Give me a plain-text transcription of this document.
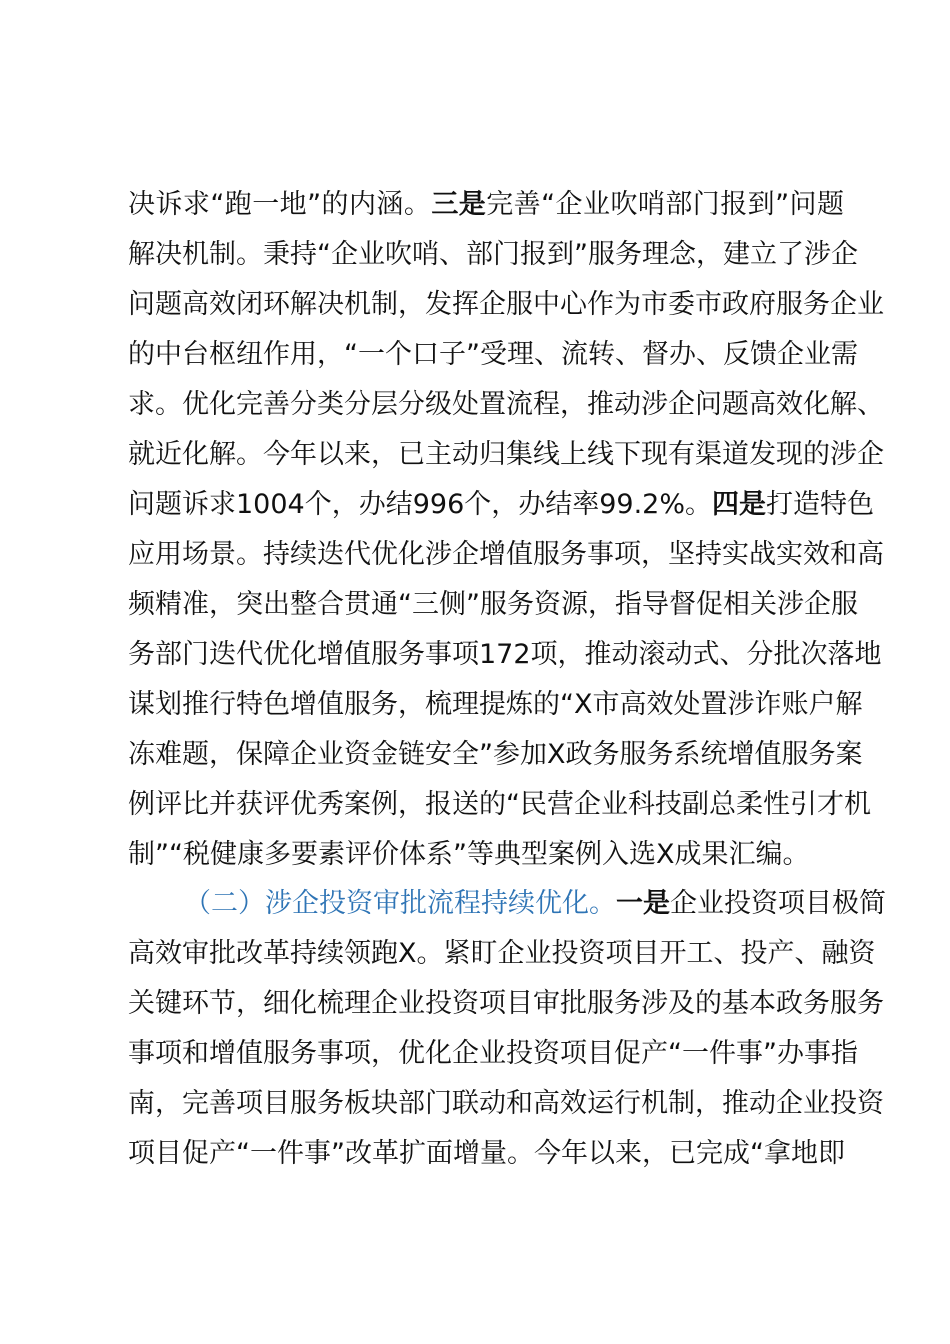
决诉求“跑一地”的内涵。三是完善“企业吹哨部门报到”问题
解决机制。秉持“企业吹哨、部门报到”服务理念，建立了涉企
问题高效闭环解决机制，发挥企服中心作为市委市政府服务企业
的中台枢纽作用，“一个口子”受理、流转、督办、反馈企业需
求。优化完善分类分层分级处置流程，推动涉企问题高效化解、
就近化解。今年以来，已主动归集线上线下现有渠道发现的涉企
问题诉求1004个，办结996个，办结率99.2%。四是打造特色
应用场景。持续迭代优化涉企增值服务事项，坚持实战实效和高
频精准，突出整合贯通“三侧”服务资源，指导督促相关涉企服
务部门迭代优化增值服务事项172项，推动滚动式、分批次落地
谋划推行特色增值服务，梳理提炼的“X市高效处置涉诈账户解
冻难题，保障企业资金链安全”参加X政务服务系统增值服务案
例评比并获评优秀案例，报送的“民营企业科技副总柔性引才机
制”“税健康多要素评价体系”等典型案例入选X成果汇编。
（二）涉企投资审批流程持续优化。一是企业投资项目极简
高效审批改革持续领跑X。紧盯企业投资项目开工、投产、融资
关键环节，细化梳理企业投资项目审批服务涉及的基本政务服务
事项和增值服务事项，优化企业投资项目促产“一件事”办事指
南，完善项目服务板块部门联动和高效运行机制，推动企业投资
项目促产“一件事”改革扩面增量。今年以来，已完成“拿地即
